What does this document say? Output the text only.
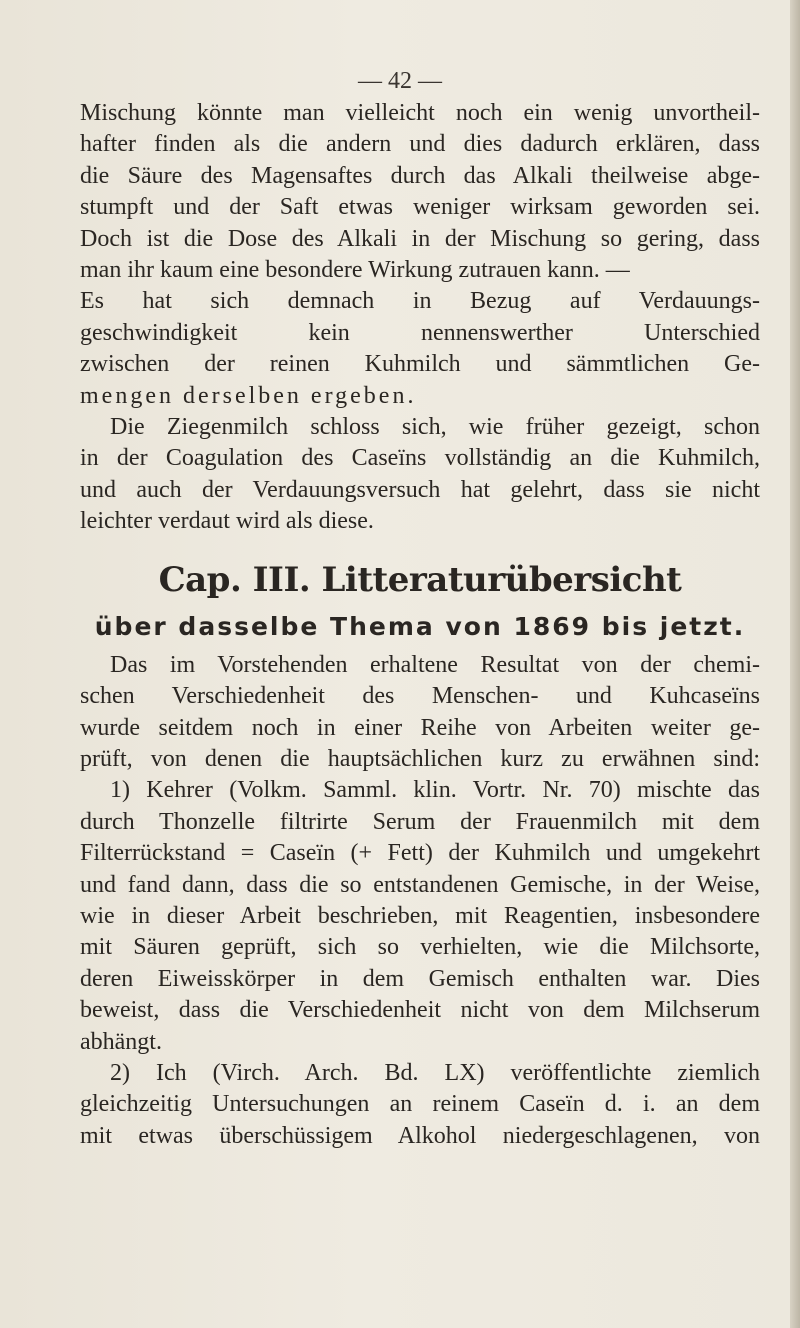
— 42 —
Mischung könnte man vielleicht noch ein wenig unvortheil-
hafter finden als die andern und dies dadurch erklären, dass
die Säure des Magensaftes durch das Alkali theilweise abge-
stumpft und der Saft etwas weniger wirksam geworden sei.
Doch ist die Dose des Alkali in der Mischung so gering, dass
man ihr kaum eine besondere Wirkung zutrauen kann. —
Es hat sich demnach in Bezug auf Verdauungs-
geschwindigkeit kein nennenswerther Unterschied
zwischen der reinen Kuhmilch und sämmtlichen Ge-
mengen derselben ergeben.
Die Ziegenmilch schloss sich, wie früher gezeigt, schon
in der Coagulation des Caseïns vollständig an die Kuhmilch,
und auch der Verdauungsversuch hat gelehrt, dass sie nicht
leichter verdaut wird als diese.
Cap. III. Litteraturübersicht
über dasselbe Thema von 1869 bis jetzt.
Das im Vorstehenden erhaltene Resultat von der chemi-
schen Verschiedenheit des Menschen- und Kuhcaseïns
wurde seitdem noch in einer Reihe von Arbeiten weiter ge-
prüft, von denen die hauptsächlichen kurz zu erwähnen sind:
1) Kehrer (Volkm. Samml. klin. Vortr. Nr. 70) mischte das
durch Thonzelle filtrirte Serum der Frauenmilch mit dem
Filterrückstand = Caseïn (+ Fett) der Kuhmilch und umgekehrt
und fand dann, dass die so entstandenen Gemische, in der Weise,
wie in dieser Arbeit beschrieben, mit Reagentien, insbesondere
mit Säuren geprüft, sich so verhielten, wie die Milchsorte,
deren Eiweisskörper in dem Gemisch enthalten war. Dies
beweist, dass die Verschiedenheit nicht von dem Milchserum
abhängt.
2) Ich (Virch. Arch. Bd. LX) veröffentlichte ziemlich
gleichzeitig Untersuchungen an reinem Caseïn d. i. an dem
mit etwas überschüssigem Alkohol niedergeschlagenen, von
